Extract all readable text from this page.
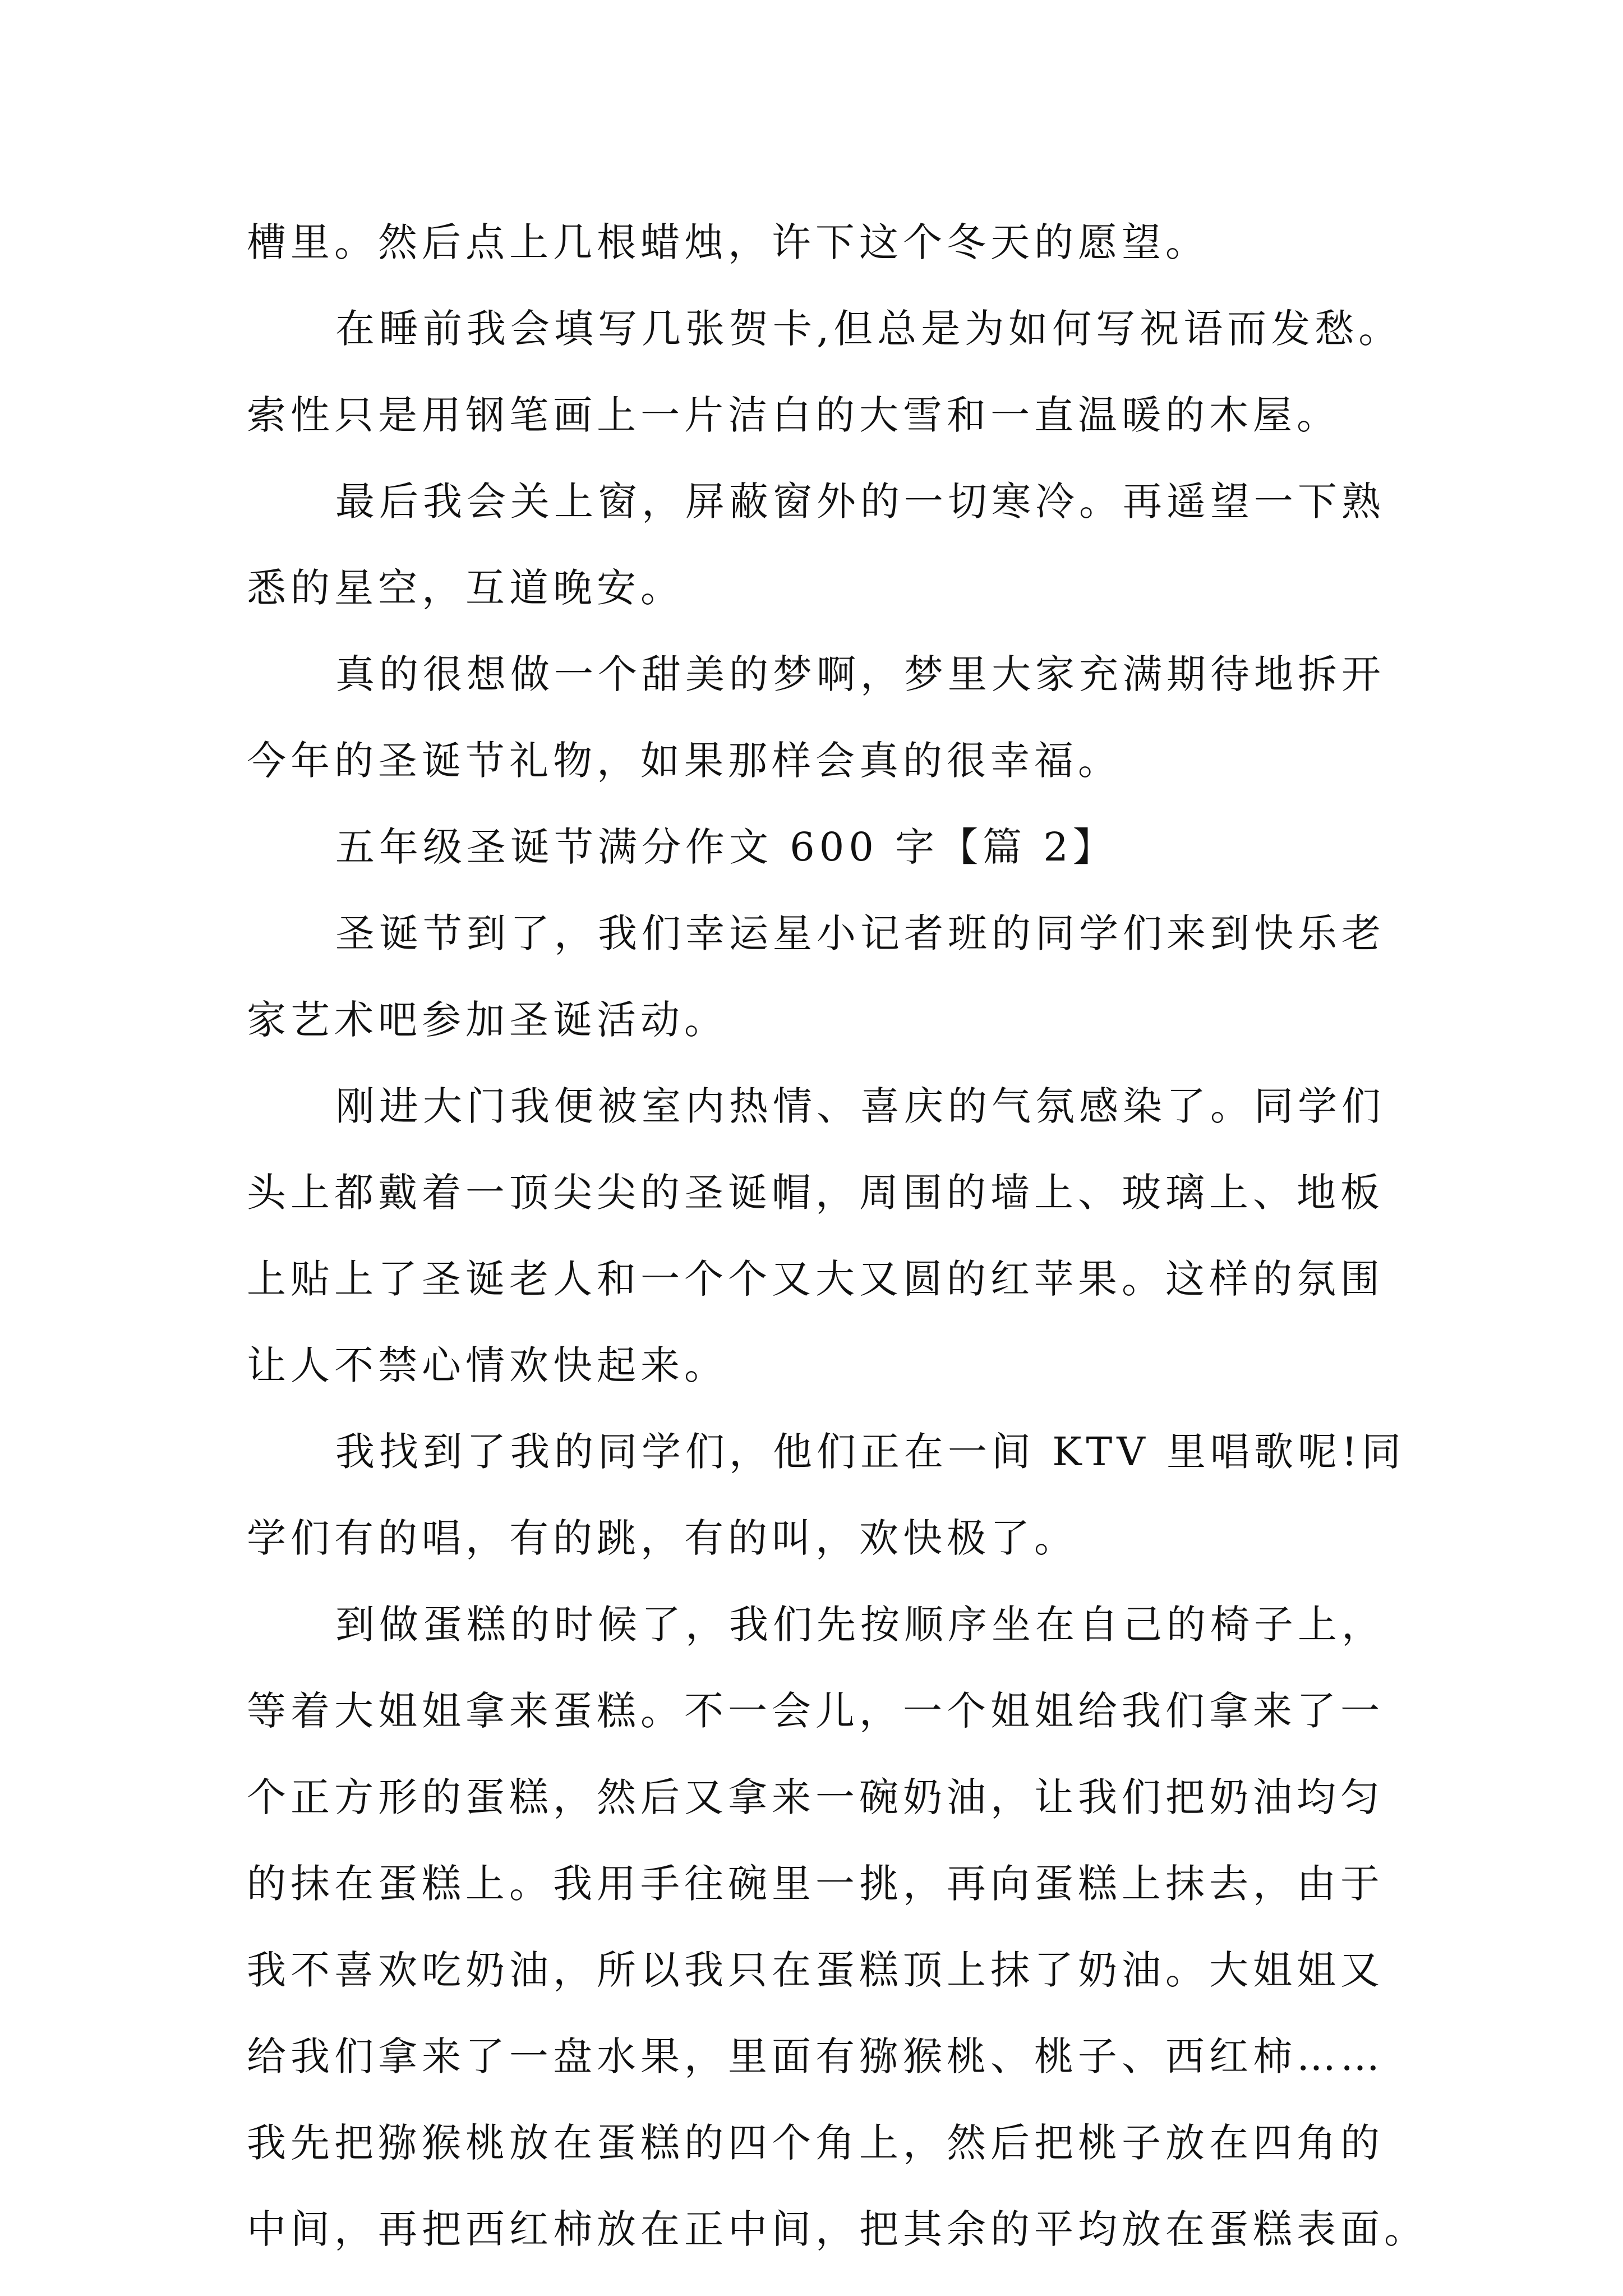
槽里。然后点上几根蜡烛，许下这个冬天的愿望。
在睡前我会填写几张贺卡,但总是为如何写祝语而发愁。
索性只是用钢笔画上一片洁白的大雪和一直温暖的木屋。
最后我会关上窗，屏蔽窗外的一切寒冷。再遥望一下熟
悉的星空，互道晚安。
真的很想做一个甜美的梦啊，梦里大家充满期待地拆开
今年的圣诞节礼物，如果那样会真的很幸福。
五年级圣诞节满分作文 600 字【篇 2】
圣诞节到了，我们幸运星小记者班的同学们来到快乐老
家艺术吧参加圣诞活动。
刚进大门我便被室内热情、喜庆的气氛感染了。同学们
头上都戴着一顶尖尖的圣诞帽，周围的墙上、玻璃上、地板
上贴上了圣诞老人和一个个又大又圆的红苹果。这样的氛围
让人不禁心情欢快起来。
我找到了我的同学们，他们正在一间 KTV 里唱歌呢!同
学们有的唱，有的跳，有的叫，欢快极了。
到做蛋糕的时候了，我们先按顺序坐在自己的椅子上，
等着大姐姐拿来蛋糕。不一会儿，一个姐姐给我们拿来了一
个正方形的蛋糕，然后又拿来一碗奶油，让我们把奶油均匀
的抹在蛋糕上。我用手往碗里一挑，再向蛋糕上抹去，由于
我不喜欢吃奶油，所以我只在蛋糕顶上抹了奶油。大姐姐又
给我们拿来了一盘水果，里面有猕猴桃、桃子、西红柿……
我先把猕猴桃放在蛋糕的四个角上，然后把桃子放在四角的
中间，再把西红柿放在正中间，把其余的平均放在蛋糕表面。
